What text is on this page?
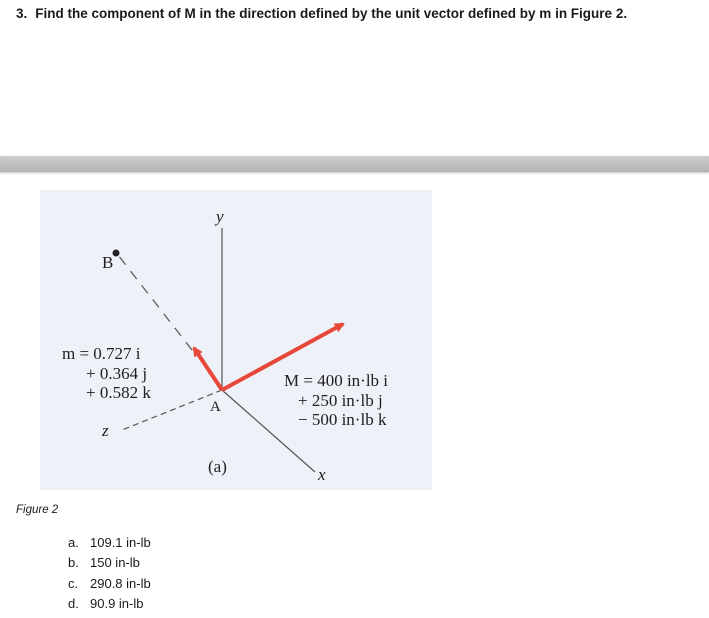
3. Find the component of M in the direction defined by the unit vector defined by m in Figure 2.
y
x
z
B
A
(a)
m = 0.727 i
+ 0.364 j
+ 0.582 k
M = 400 in·lb i
+ 250 in·lb j
− 500 in·lb k
Figure 2
a. 109.1 in-lb
b. 150 in-lb
c. 290.8 in-lb
d. 90.9 in-lb
